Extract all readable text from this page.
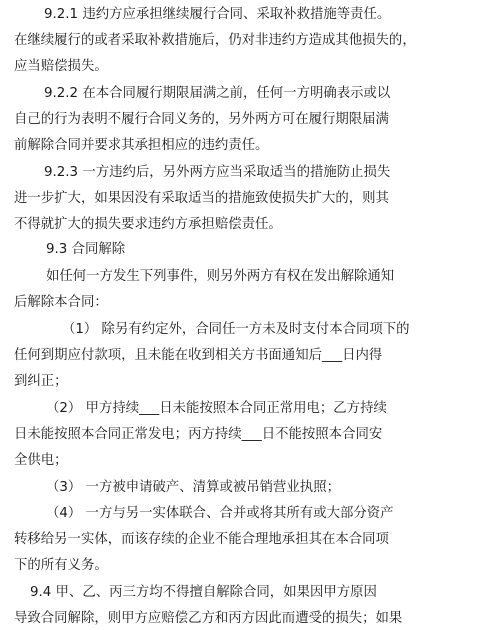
9.2.1 违约方应承担继续履行合同、采取补救措施等责任。
在继续履行的或者采取补救措施后，仍对非违约方造成其他损失的，
应当赔偿损失。
9.2.2 在本合同履行期限届满之前，任何一方明确表示或以
自己的行为表明不履行合同义务的，另外两方可在履行期限届满
前解除合同并要求其承担相应的违约责任。
9.2.3 一方违约后，另外两方应当采取适当的措施防止损失
进一步扩大，如果因没有采取适当的措施致使损失扩大的，则其
不得就扩大的损失要求违约方承担赔偿责任。
9.3 合同解除
如任何一方发生下列事件，则另外两方有权在发出解除通知
后解除本合同：
（1） 除另有约定外，合同任一方未及时支付本合同项下的
任何到期应付款项，且未能在收到相关方书面通知后___日内得
到纠正；
（2） 甲方持续___日未能按照本合同正常用电；乙方持续
日未能按照本合同正常发电；丙方持续___日不能按照本合同安
全供电；
（3） 一方被申请破产、清算或被吊销营业执照；
（4） 一方与另一实体联合、合并或将其所有或大部分资产
转移给另一实体，而该存续的企业不能合理地承担其在本合同项
下的所有义务。
9.4 甲、乙、丙三方均不得擅自解除合同，如果因甲方原因
导致合同解除，则甲方应赔偿乙方和丙方因此而遭受的损失；如果
